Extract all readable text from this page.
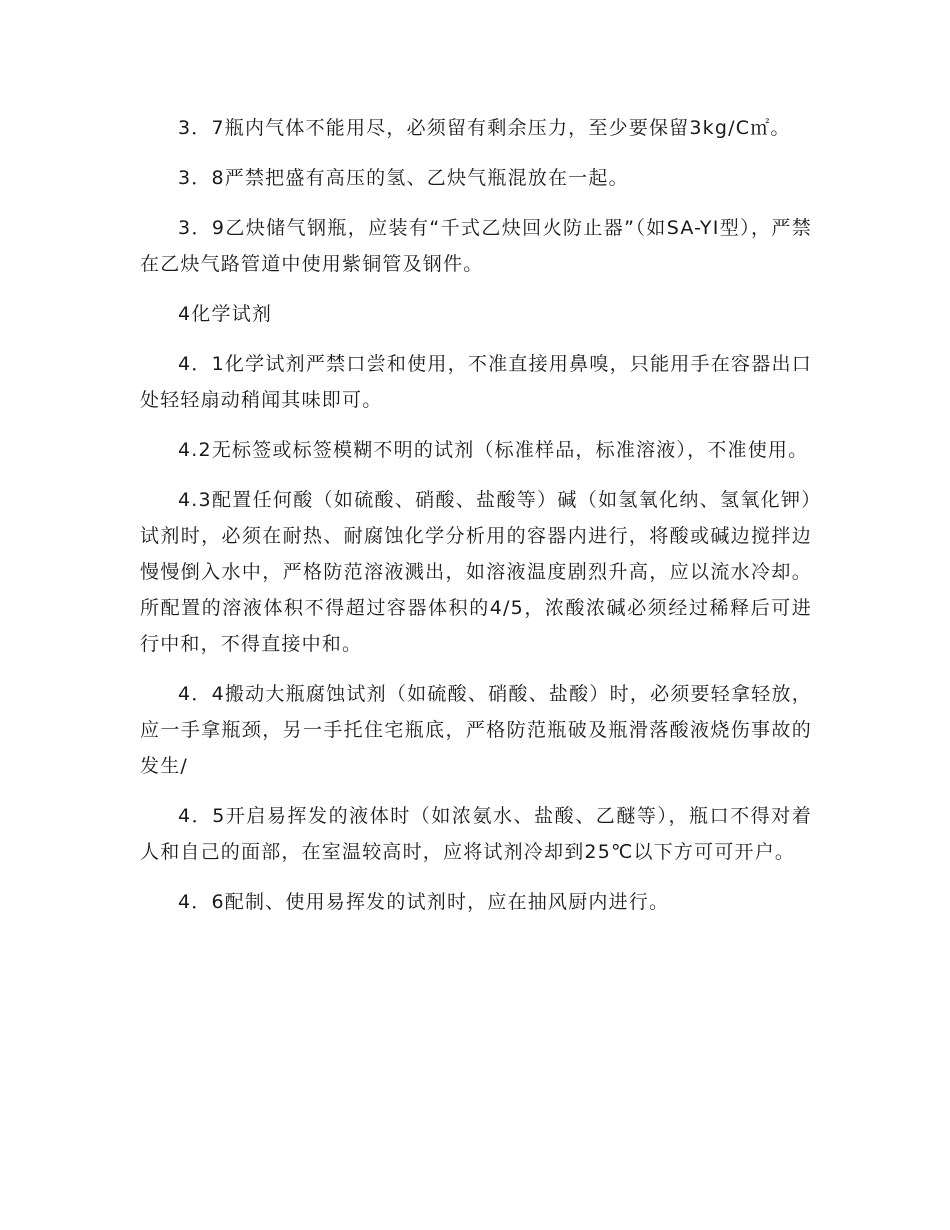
3．7瓶内气体不能用尽，必须留有剩余压力，至少要保留3kg/C㎡。

3．8严禁把盛有高压的氢、乙炔气瓶混放在一起。

3．9乙炔储气钢瓶，应装有“千式乙炔回火防止器”（如SA-YI型），严禁在乙炔气路管道中使用紫铜管及钢件。

4化学试剂

4．1化学试剂严禁口尝和使用，不准直接用鼻嗅，只能用手在容器出口处轻轻扇动稍闻其味即可。

4.2无标签或标签模糊不明的试剂（标准样品，标准溶液），不准使用。

4.3配置任何酸（如硫酸、硝酸、盐酸等）碱（如氢氧化纳、氢氧化钾）试剂时，必须在耐热、耐腐蚀化学分析用的容器内进行，将酸或碱边搅拌边慢慢倒入水中，严格防范溶液溅出，如溶液温度剧烈升高，应以流水冷却。所配置的溶液体积不得超过容器体积的4/5，浓酸浓碱必须经过稀释后可进行中和，不得直接中和。

4．4搬动大瓶腐蚀试剂（如硫酸、硝酸、盐酸）时，必须要轻拿轻放，应一手拿瓶颈，另一手托住宅瓶底，严格防范瓶破及瓶滑落酸液烧伤事故的发生/

4．5开启易挥发的液体时（如浓氨水、盐酸、乙醚等），瓶口不得对着人和自己的面部，在室温较高时，应将试剂冷却到25℃以下方可可开户。

4．6配制、使用易挥发的试剂时，应在抽风厨内进行。
